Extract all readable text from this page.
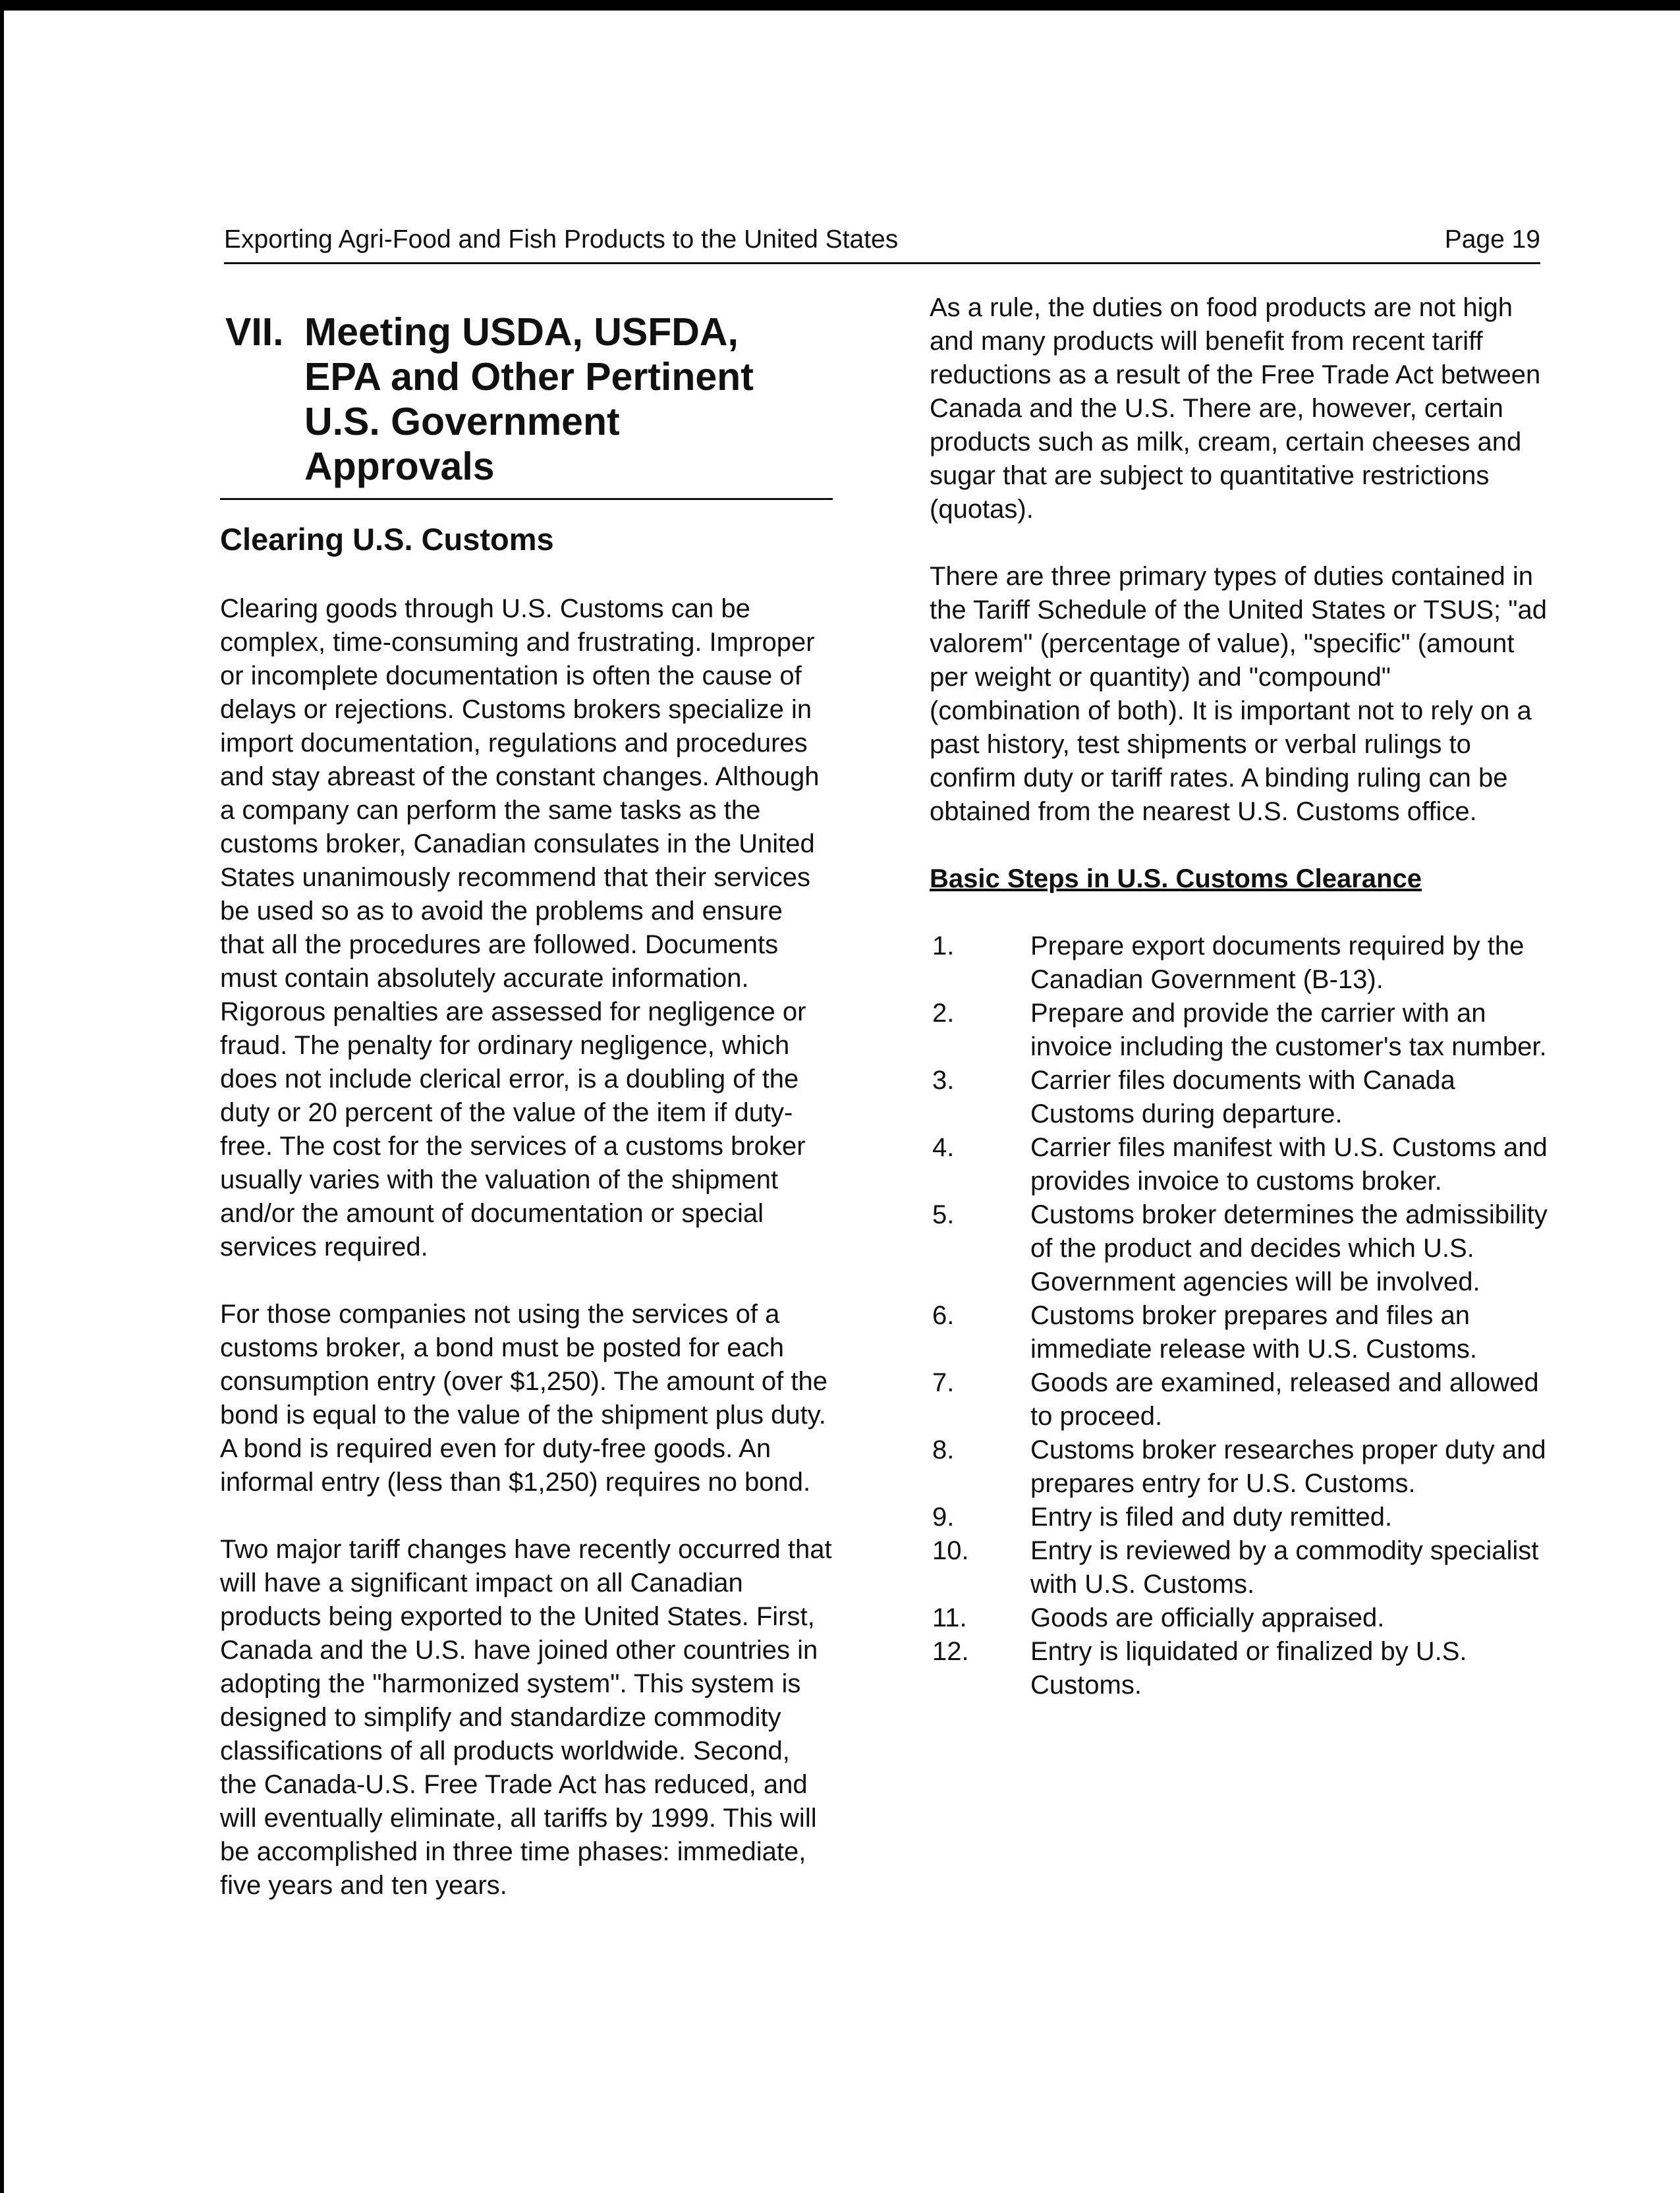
Exporting Agri-Food and Fish Products to the United States	Page 19
VII. Meeting USDA, USFDA,
EPA and Other Pertinent
U.S. Government
Approvals
Clearing U.S. Customs

Clearing goods through U.S. Customs can be complex, time-consuming and frustrating. Improper or incomplete documentation is often the cause of delays or rejections. Customs brokers specialize in import documentation, regulations and procedures and stay abreast of the constant changes. Although a company can perform the same tasks as the customs broker, Canadian consulates in the United States unanimously recommend that their services be used so as to avoid the problems and ensure that all the procedures are followed. Documents must contain absolutely accurate information. Rigorous penalties are assessed for negligence or fraud. The penalty for ordinary negligence, which does not include clerical error, is a doubling of the duty or 20 percent of the value of the item if duty-free. The cost for the services of a customs broker usually varies with the valuation of the shipment and/or the amount of documentation or special services required.

For those companies not using the services of a customs broker, a bond must be posted for each consumption entry (over $1,250). The amount of the bond is equal to the value of the shipment plus duty. A bond is required even for duty-free goods. An informal entry (less than $1,250) requires no bond.

Two major tariff changes have recently occurred that will have a significant impact on all Canadian products being exported to the United States. First, Canada and the U.S. have joined other countries in adopting the "harmonized system". This system is designed to simplify and standardize commodity classifications of all products worldwide. Second, the Canada-U.S. Free Trade Act has reduced, and will eventually eliminate, all tariffs by 1999. This will be accomplished in three time phases: immediate, five years and ten years.

As a rule, the duties on food products are not high and many products will benefit from recent tariff reductions as a result of the Free Trade Act between Canada and the U.S. There are, however, certain products such as milk, cream, certain cheeses and sugar that are subject to quantitative restrictions (quotas).

There are three primary types of duties contained in the Tariff Schedule of the United States or TSUS; "ad valorem" (percentage of value), "specific" (amount per weight or quantity) and "compound" (combination of both). It is important not to rely on a past history, test shipments or verbal rulings to confirm duty or tariff rates. A binding ruling can be obtained from the nearest U.S. Customs office.

Basic Steps in U.S. Customs Clearance
1.	Prepare export documents required by the Canadian Government (B-13).
2.	Prepare and provide the carrier with an invoice including the customer's tax number.
3.	Carrier files documents with Canada Customs during departure.
4.	Carrier files manifest with U.S. Customs and provides invoice to customs broker.
5.	Customs broker determines the admissibility of the product and decides which U.S. Government agencies will be involved.
6.	Customs broker prepares and files an immediate release with U.S. Customs.
7.	Goods are examined, released and allowed to proceed.
8.	Customs broker researches proper duty and prepares entry for U.S. Customs.
9.	Entry is filed and duty remitted.
10. Entry is reviewed by a commodity specialist with U.S. Customs.
11. Goods are officially appraised.
12. Entry is liquidated or finalized by U.S. Customs.
